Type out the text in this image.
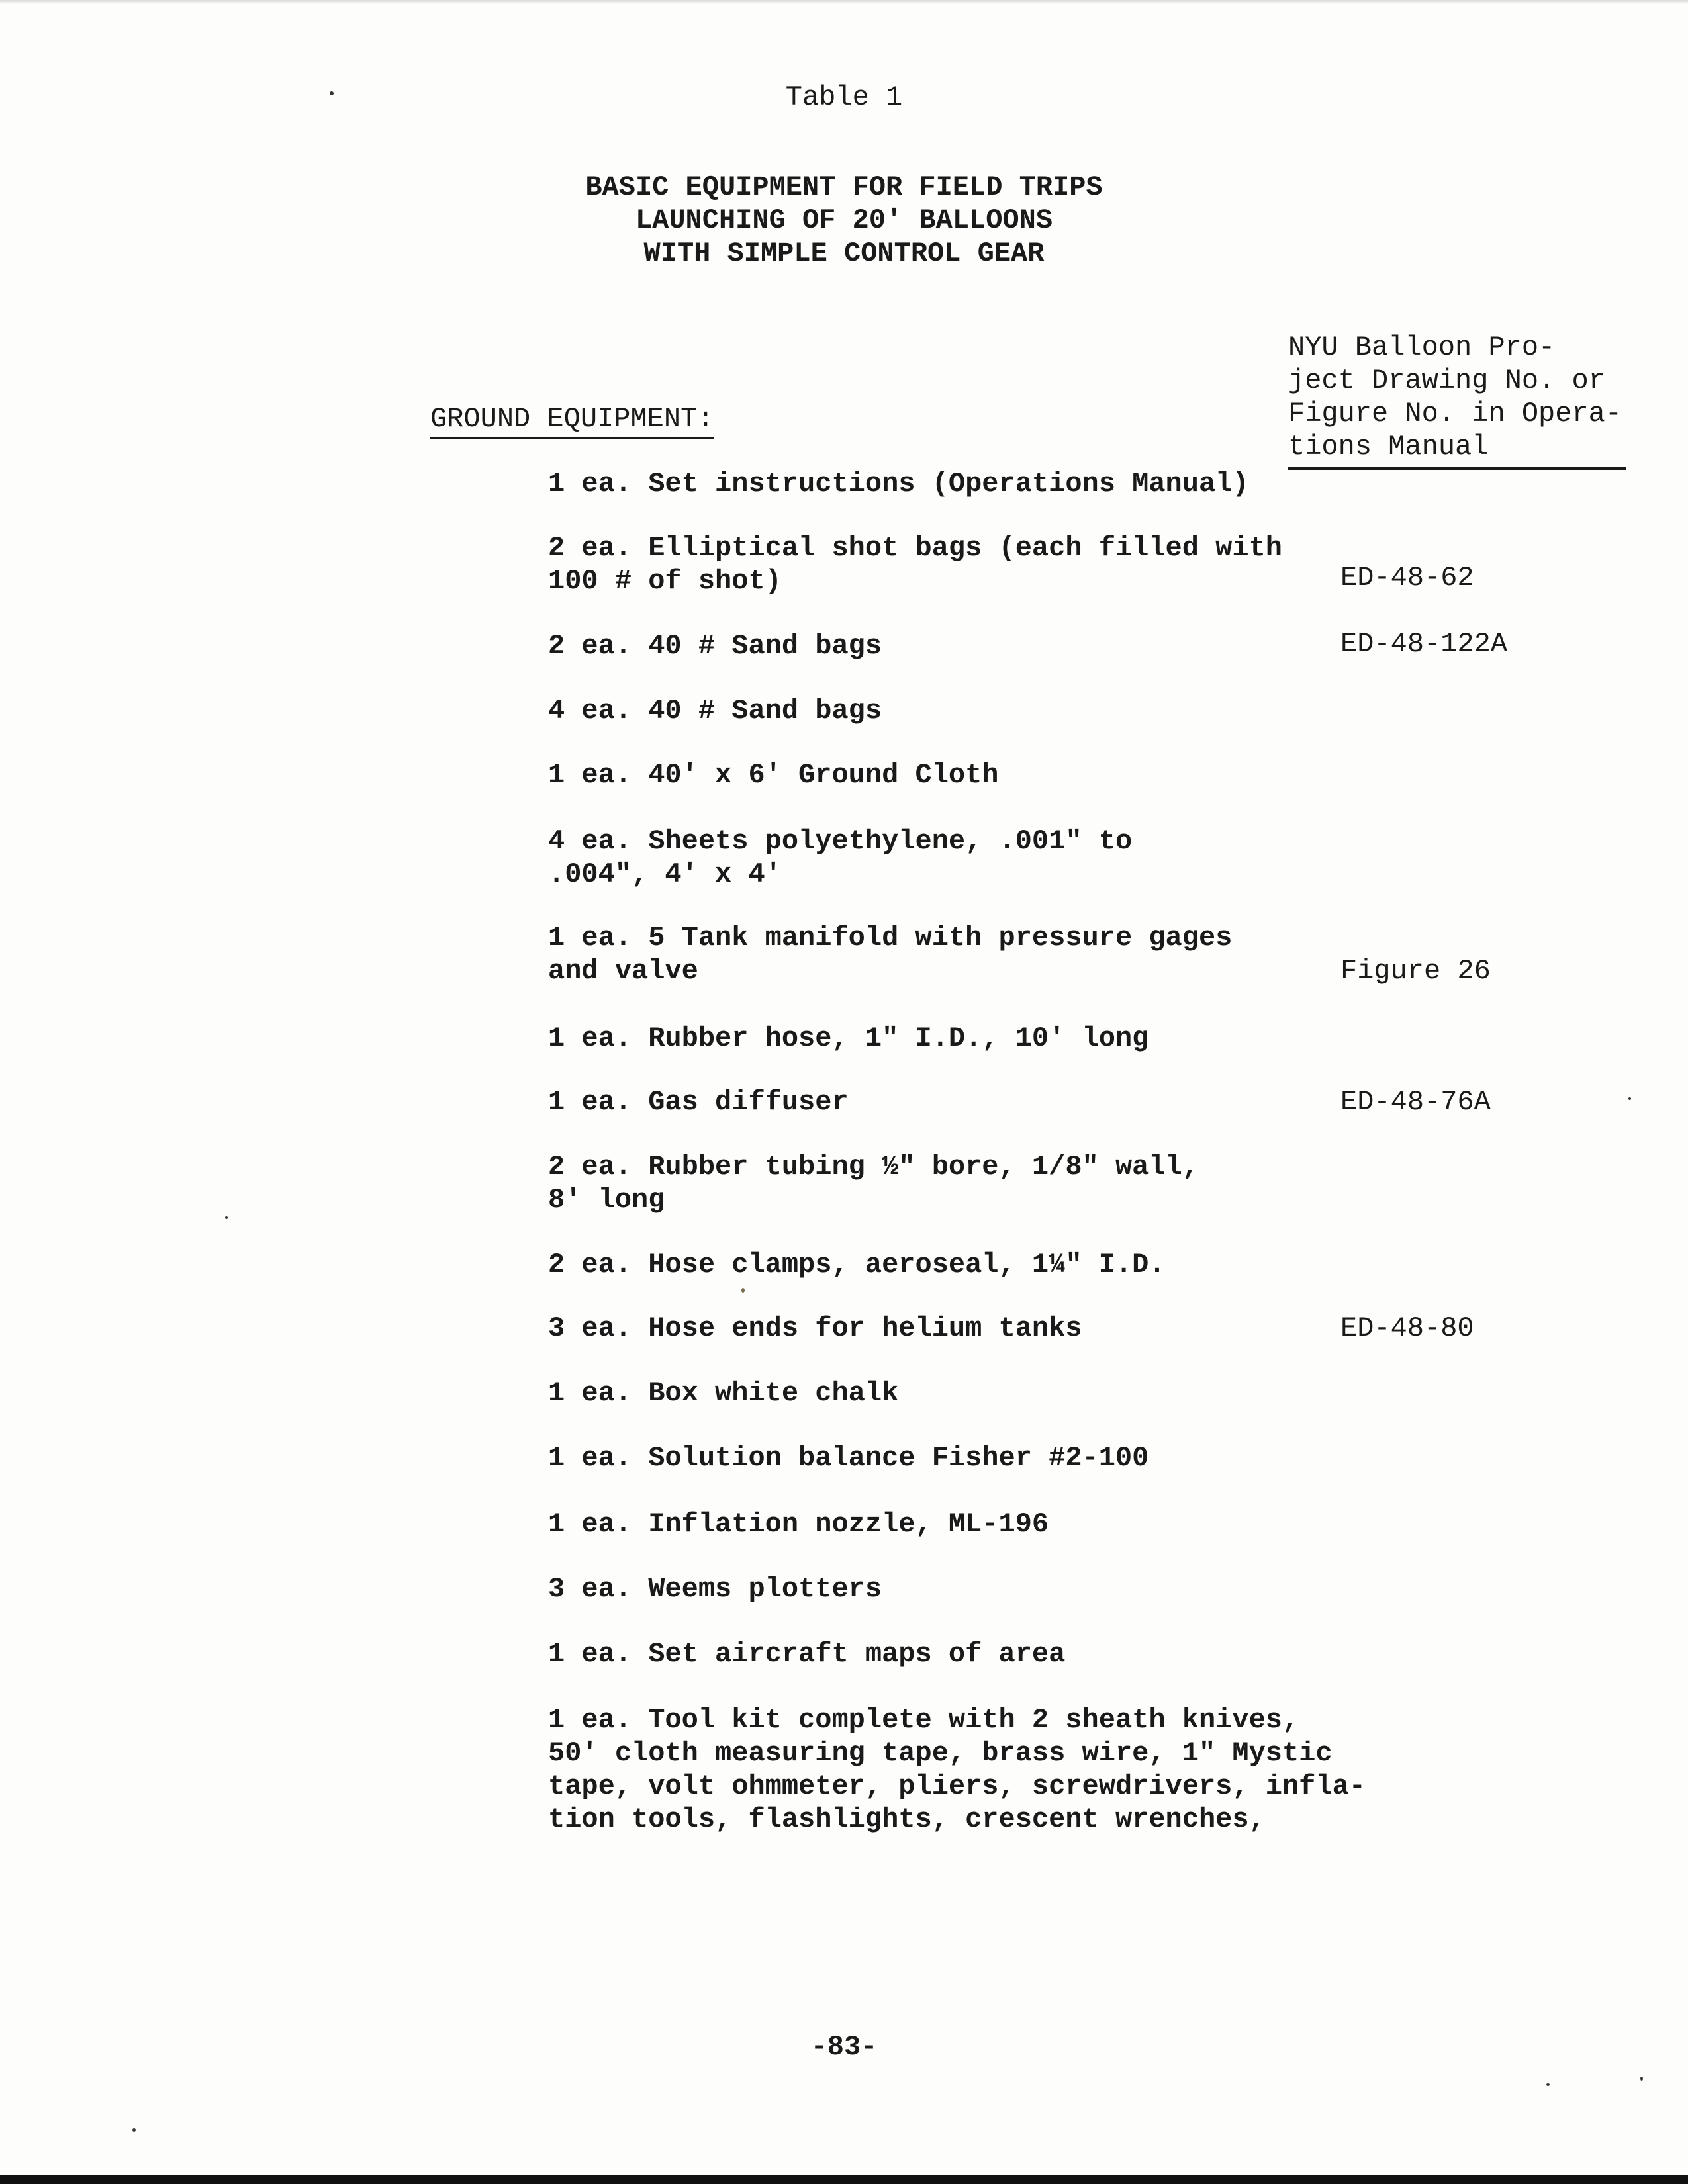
Table 1
BASIC EQUIPMENT FOR FIELD TRIPS
LAUNCHING OF 20' BALLOONS
WITH SIMPLE CONTROL GEAR
NYU Balloon Pro-
ject Drawing No. or
Figure No. in Opera-
tions Manual
GROUND EQUIPMENT:
1 ea. Set instructions (Operations Manual)
2 ea. Elliptical shot bags (each filled with
100 # of shot)	ED-48-62
2 ea. 40 # Sand bags	ED-48-122A
4 ea. 40 # Sand bags
1 ea. 40' x 6' Ground Cloth
4 ea. Sheets polyethylene, .001" to
.004", 4' x 4'
1 ea. 5 Tank manifold with pressure gages
and valve	Figure 26
1 ea. Rubber hose, 1" I.D., 10' long
1 ea. Gas diffuser	ED-48-76A
2 ea. Rubber tubing ½" bore, 1/8" wall,
8' long
2 ea. Hose clamps, aeroseal, 1¼" I.D.
3 ea. Hose ends for helium tanks	ED-48-80
1 ea. Box white chalk
1 ea. Solution balance Fisher #2-100
1 ea. Inflation nozzle, ML-196
3 ea. Weems plotters
1 ea. Set aircraft maps of area
1 ea. Tool kit complete with 2 sheath knives,
50' cloth measuring tape, brass wire, 1" Mystic
tape, volt ohmmeter, pliers, screwdrivers, infla-
tion tools, flashlights, crescent wrenches,
-83-
